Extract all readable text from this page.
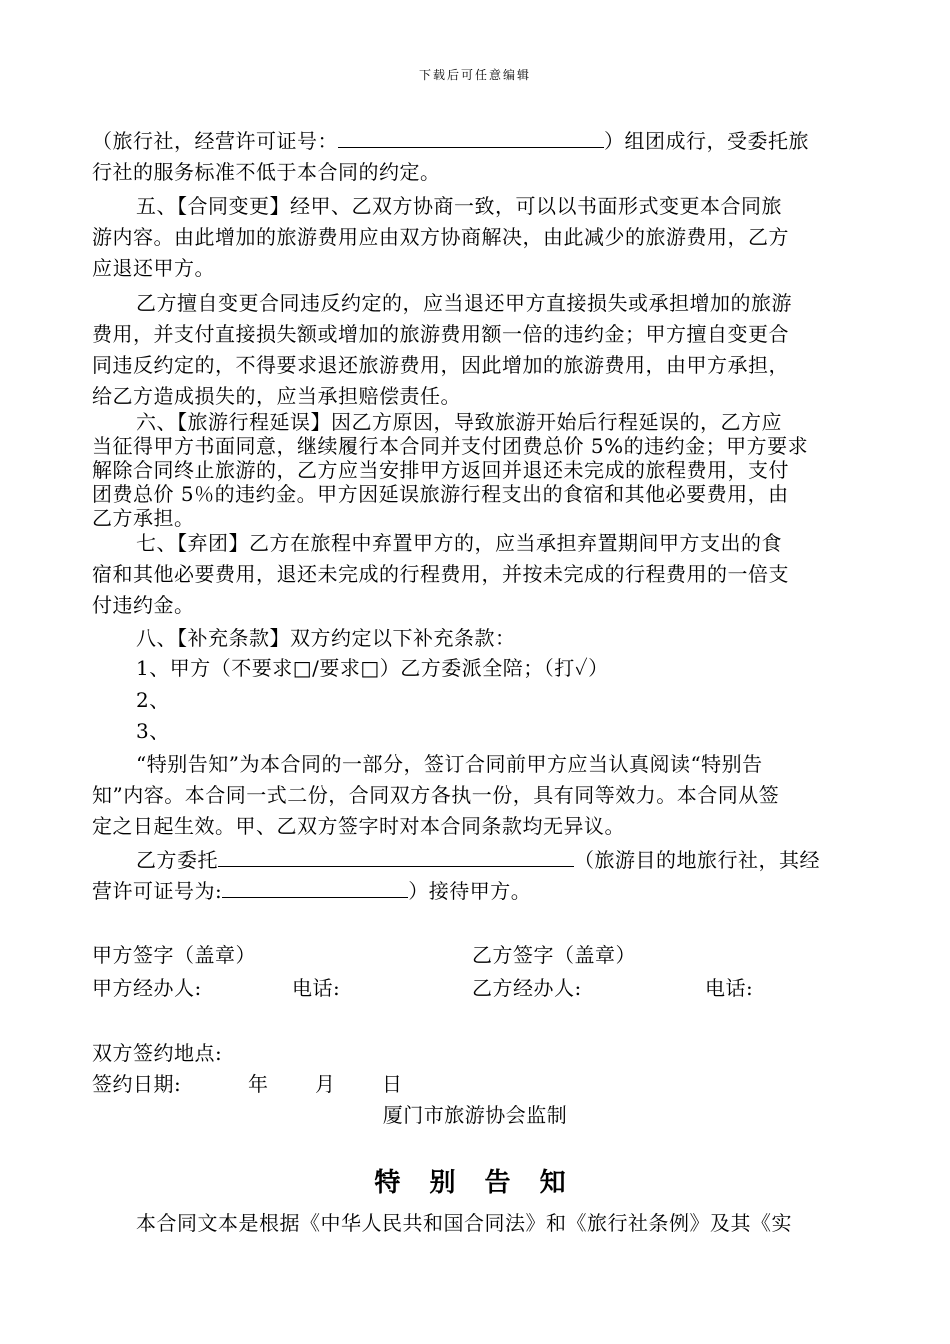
下载后可任意编辑
（旅行社，经营许可证号：	）组团成行，受委托旅
行社的服务标准不低于本合同的约定。
五、【合同变更】经甲、乙双方协商一致，可以以书面形式变更本合同旅
游内容。由此增加的旅游费用应由双方协商解决，由此减少的旅游费用，乙方
应退还甲方。
乙方擅自变更合同违反约定的，应当退还甲方直接损失或承担增加的旅游
费用，并支付直接损失额或增加的旅游费用额一倍的违约金；甲方擅自变更合
同违反约定的，不得要求退还旅游费用，因此增加的旅游费用，由甲方承担，
给乙方造成损失的，应当承担赔偿责任。
六、【旅游行程延误】因乙方原因，导致旅游开始后行程延误的，乙方应
当征得甲方书面同意，继续履行本合同并支付团费总价 5%的违约金；甲方要求
解除合同终止旅游的，乙方应当安排甲方返回并退还未完成的旅程费用，支付
团费总价 5％的违约金。甲方因延误旅游行程支出的食宿和其他必要费用，由
乙方承担。
七、【弃团】乙方在旅程中弃置甲方的，应当承担弃置期间甲方支出的食
宿和其他必要费用，退还未完成的行程费用，并按未完成的行程费用的一倍支
付违约金。
八、【补充条款】双方约定以下补充条款：
1、甲方（不要求□/要求□）乙方委派全陪；（打✓）
2、
3、
“特别告知”为本合同的一部分，签订合同前甲方应当认真阅读“特别告
知”内容。本合同一式二份，合同双方各执一份，具有同等效力。本合同从签
定之日起生效。甲、乙双方签字时对本合同条款均无异议。
乙方委托	（旅游目的地旅行社，其经
营许可证号为:	）接待甲方。
甲方签字（盖章）	乙方签字（盖章）
甲方经办人:	电话:	乙方经办人:	电话:
双方签约地点:
签约日期:	年 月 日
厦门市旅游协会监制
特 别 告 知
本合同文本是根据《中华人民共和国合同法》和《旅行社条例》及其《实
